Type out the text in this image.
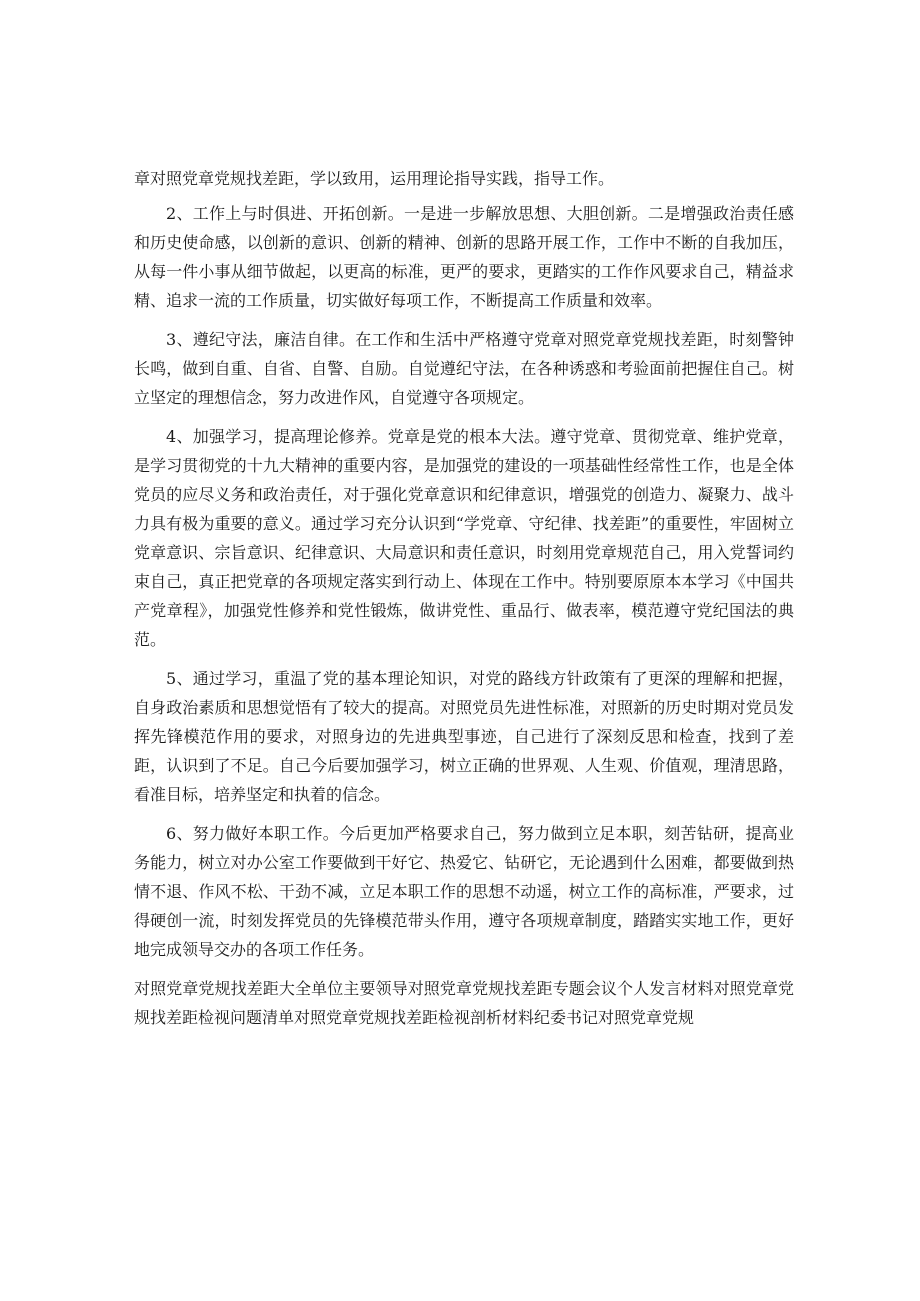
章对照党章党规找差距，学以致用，运用理论指导实践，指导工作。

2、工作上与时俱进、开拓创新。一是进一步解放思想、大胆创新。二是增强政治责任感和历史使命感，以创新的意识、创新的精神、创新的思路开展工作，工作中不断的自我加压，从每一件小事从细节做起，以更高的标准，更严的要求，更踏实的工作作风要求自己，精益求精、追求一流的工作质量，切实做好每项工作，不断提高工作质量和效率。

3、遵纪守法，廉洁自律。在工作和生活中严格遵守党章对照党章党规找差距，时刻警钟长鸣，做到自重、自省、自警、自励。自觉遵纪守法，在各种诱惑和考验面前把握住自己。树立坚定的理想信念，努力改进作风，自觉遵守各项规定。

4、加强学习，提高理论修养。党章是党的根本大法。遵守党章、贯彻党章、维护党章，是学习贯彻党的十九大精神的重要内容，是加强党的建设的一项基础性经常性工作，也是全体党员的应尽义务和政治责任，对于强化党章意识和纪律意识，增强党的创造力、凝聚力、战斗力具有极为重要的意义。通过学习充分认识到“学党章、守纪律、找差距”的重要性，牢固树立党章意识、宗旨意识、纪律意识、大局意识和责任意识，时刻用党章规范自己，用入党誓词约束自己，真正把党章的各项规定落实到行动上、体现在工作中。特别要原原本本学习《中国共产党章程》，加强党性修养和党性锻炼，做讲党性、重品行、做表率，模范遵守党纪国法的典范。

5、通过学习，重温了党的基本理论知识，对党的路线方针政策有了更深的理解和把握，自身政治素质和思想觉悟有了较大的提高。对照党员先进性标准，对照新的历史时期对党员发挥先锋模范作用的要求，对照身边的先进典型事迹，自己进行了深刻反思和检查，找到了差距，认识到了不足。自己今后要加强学习，树立正确的世界观、人生观、价值观，理清思路，看准目标，培养坚定和执着的信念。

6、努力做好本职工作。今后更加严格要求自己，努力做到立足本职，刻苦钻研，提高业务能力，树立对办公室工作要做到干好它、热爱它、钻研它，无论遇到什么困难，都要做到热情不退、作风不松、干劲不减，立足本职工作的思想不动遥，树立工作的高标准，严要求，过得硬创一流，时刻发挥党员的先锋模范带头作用，遵守各项规章制度，踏踏实实地工作，更好地完成领导交办的各项工作任务。

对照党章党规找差距大全单位主要领导对照党章党规找差距专题会议个人发言材料对照党章党规找差距检视问题清单对照党章党规找差距检视剖析材料纪委书记对照党章党规
